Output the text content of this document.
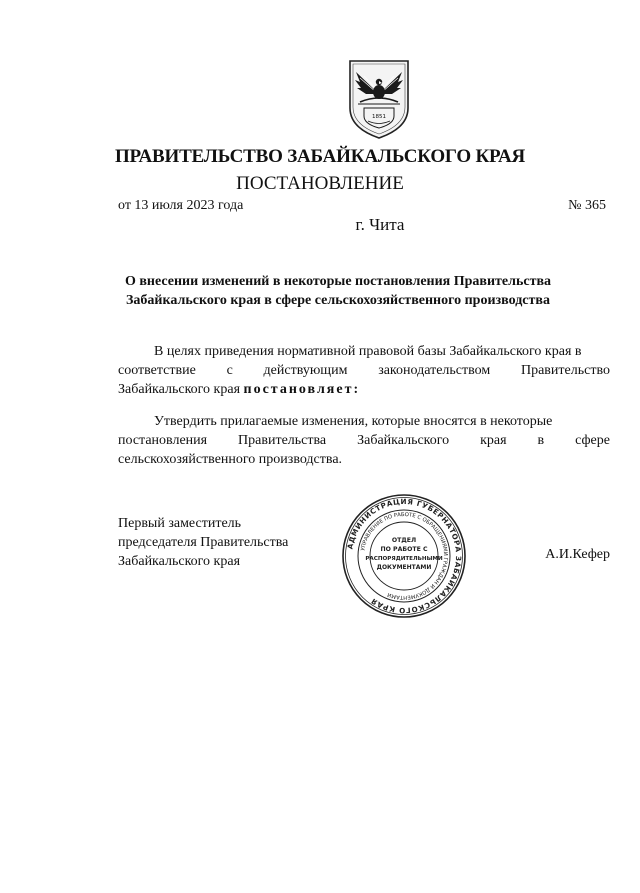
1851
ПРАВИТЕЛЬСТВО ЗАБАЙКАЛЬСКОГО КРАЯ
ПОСТАНОВЛЕНИЕ
от 13 июля 2023 года	№ 365
г. Чита
О внесении изменений в некоторые постановления Правительства
Забайкальского края в сфере сельскохозяйственного производства
В целях приведения нормативной правовой базы Забайкальского края в
соответствие с действующим законодательством Правительство
Забайкальского края постановляет:
Утвердить прилагаемые изменения, которые вносятся в некоторые
постановления Правительства Забайкальского края в сфере
сельскохозяйственного производства.
Первый заместитель
председателя Правительства
Забайкальского края	А.И.Кефер
АДМИНИСТРАЦИЯ ГУБЕРНАТОРА ЗАБАЙКАЛЬСКОГО КРАЯ
УПРАВЛЕНИЕ ПО РАБОТЕ С ОБРАЩЕНИЯМИ ГРАЖДАН И ДОКУМЕНТАМИ
ОТДЕЛ
ПО РАБОТЕ С
РАСПОРЯДИТЕЛЬНЫМИ
ДОКУМЕНТАМИ
